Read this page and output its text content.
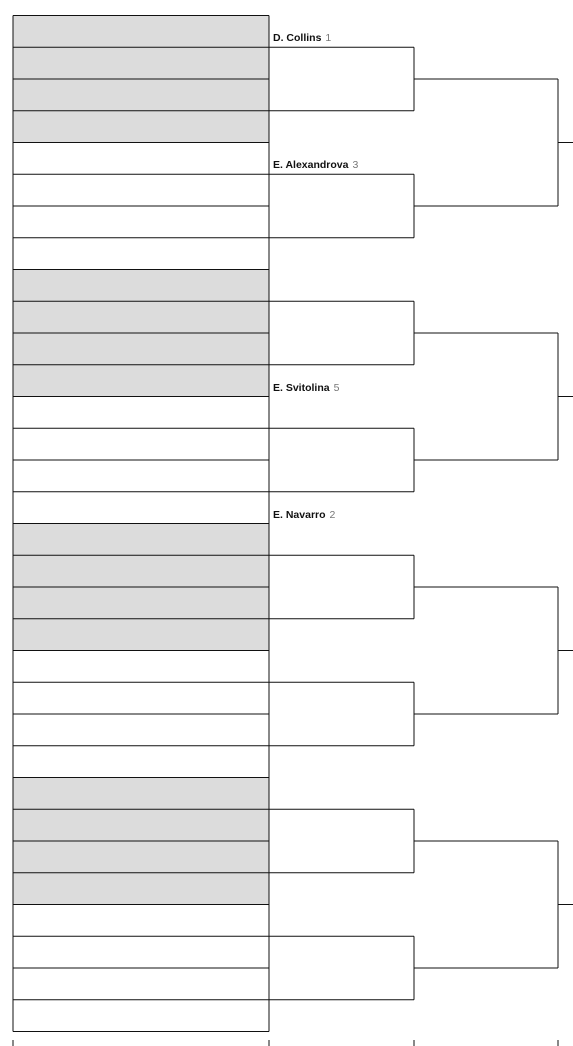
D. Collins 1
E. Alexandrova 3
E. Svitolina 5
E. Navarro 2
